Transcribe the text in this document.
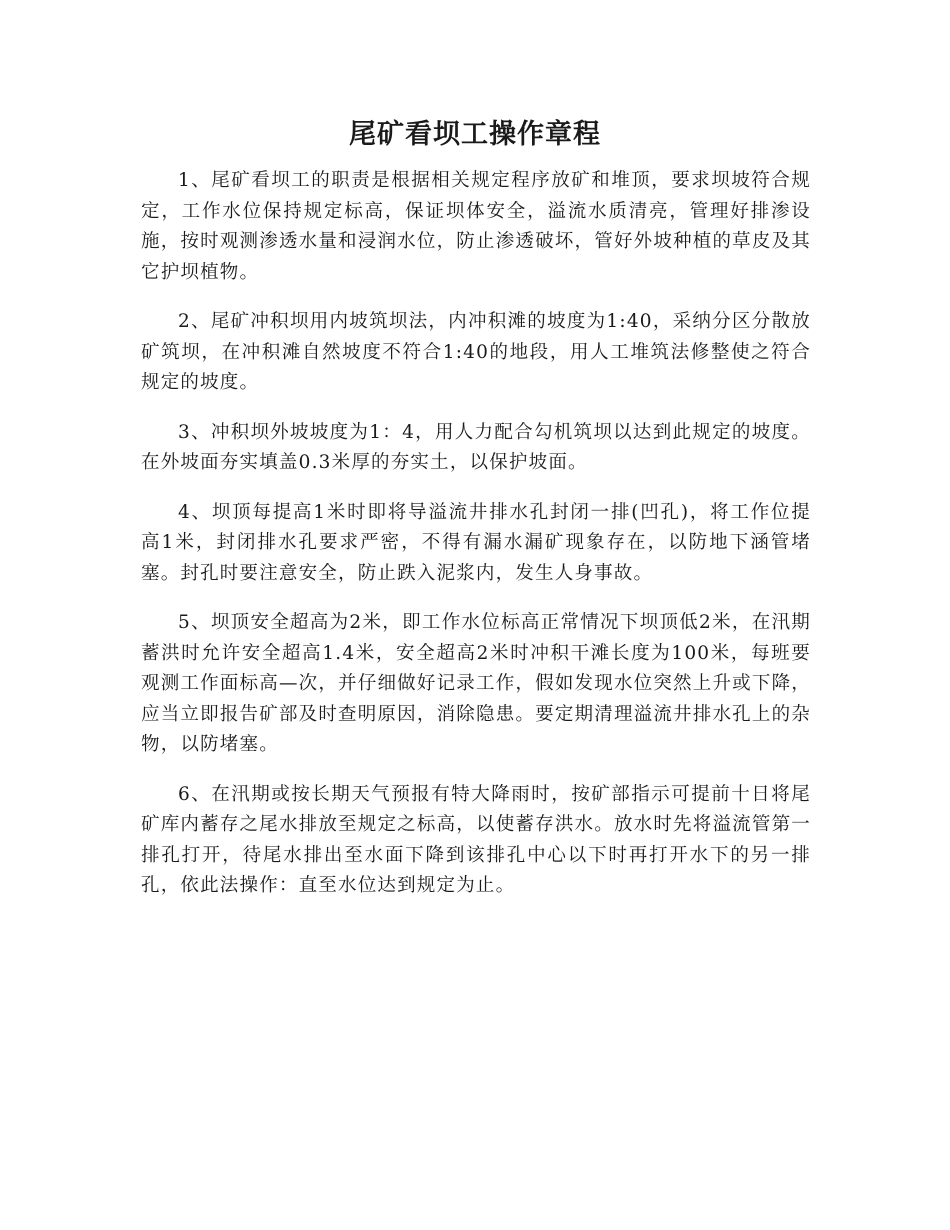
尾矿看坝工操作章程

1、尾矿看坝工的职责是根据相关规定程序放矿和堆顶，要求坝坡符合规定，工作水位保持规定标高，保证坝体安全，溢流水质清亮，管理好排渗设施，按时观测渗透水量和浸润水位，防止渗透破坏，管好外坡种植的草皮及其它护坝植物。

2、尾矿冲积坝用内坡筑坝法，内冲积滩的坡度为1:40，采纳分区分散放矿筑坝，在冲积滩自然坡度不符合1:40的地段，用人工堆筑法修整使之符合规定的坡度。

3、冲积坝外坡坡度为1：4，用人力配合勾机筑坝以达到此规定的坡度。在外坡面夯实填盖0.3米厚的夯实土，以保护坡面。

4、坝顶每提高1米时即将导溢流井排水孔封闭一排(凹孔)，将工作位提高1米，封闭排水孔要求严密，不得有漏水漏矿现象存在，以防地下涵管堵塞。封孔时要注意安全，防止跌入泥浆内，发生人身事故。

5、坝顶安全超高为2米，即工作水位标高正常情况下坝顶低2米，在汛期蓄洪时允许安全超高1.4米，安全超高2米时冲积干滩长度为100米，每班要观测工作面标高—次，并仔细做好记录工作，假如发现水位突然上升或下降，应当立即报告矿部及时查明原因，消除隐患。要定期清理溢流井排水孔上的杂物，以防堵塞。

6、在汛期或按长期天气预报有特大降雨时，按矿部指示可提前十日将尾矿库内蓄存之尾水排放至规定之标高，以使蓄存洪水。放水时先将溢流管第一排孔打开，待尾水排出至水面下降到该排孔中心以下时再打开水下的另一排孔，依此法操作：直至水位达到规定为止。
